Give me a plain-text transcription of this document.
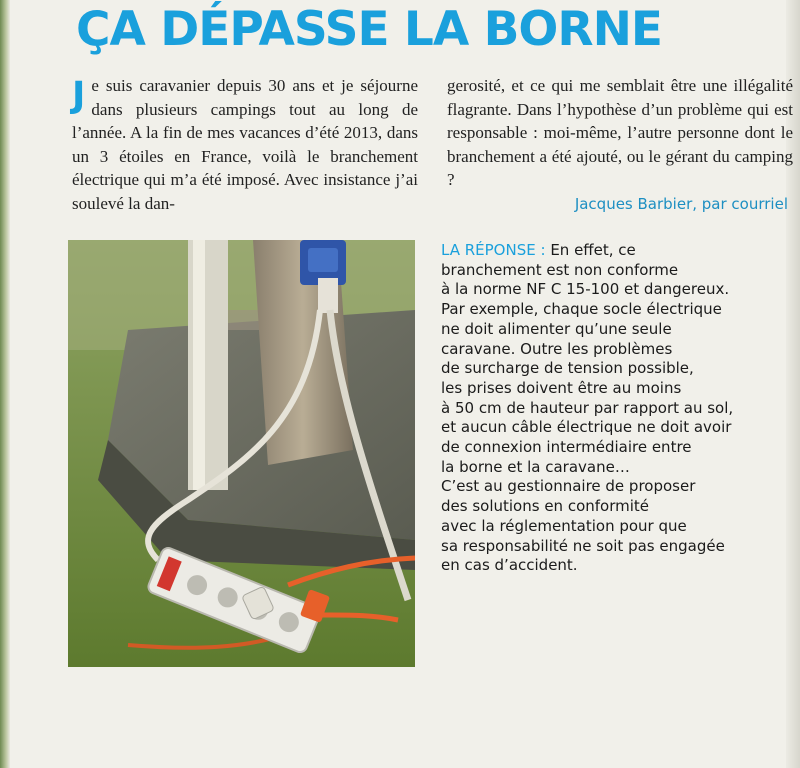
ÇA DÉPASSE LA BORNE
Je suis caravanier depuis 30 ans et je séjourne dans plusieurs campings tout au long de l’année. A la fin de mes vacances d’été 2013, dans un 3 étoiles en France, voilà le branchement électrique qui m’a été imposé. Avec insistance j’ai soulevé la dan-
gerosité, et ce qui me semblait être une illégalité flagrante. Dans l’hypothèse d’un problème qui est responsable : moi-même, l’autre personne dont le branchement a été ajouté, ou le gérant du camping ?
Jacques Barbier, par courriel
LA RÉPONSE : En effet, ce
branchement est non conforme
à la norme NF C 15-100 et dangereux.
Par exemple, chaque socle électrique
ne doit alimenter qu’une seule
caravane. Outre les problèmes
de surcharge de tension possible,
les prises doivent être au moins
à 50 cm de hauteur par rapport au sol,
et aucun câble électrique ne doit avoir
de connexion intermédiaire entre
la borne et la caravane…
C’est au gestionnaire de proposer
des solutions en conformité
avec la réglementation pour que
sa responsabilité ne soit pas engagée
en cas d’accident.
